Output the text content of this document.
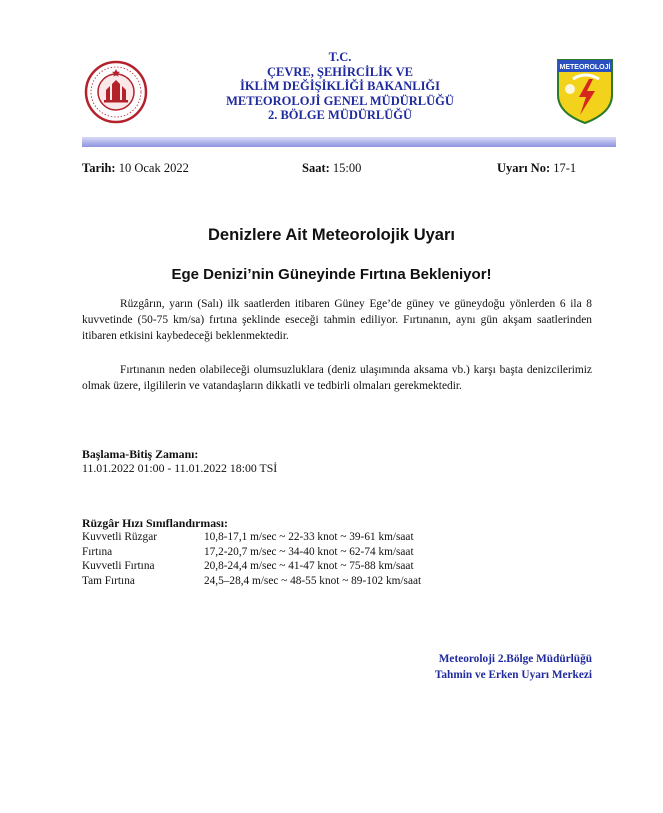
T.C.
ÇEVRE, ŞEHİRCİLİK VE
İKLİM DEĞİŞİKLİĞİ BAKANLIĞI
METEOROLOJİ GENEL MÜDÜRLÜĞÜ
2. BÖLGE MÜDÜRLÜĞÜ
METEOROLOJİ
Tarih: 10 Ocak 2022	Saat: 15:00	Uyarı No: 17-1
Denizlere Ait Meteorolojik Uyarı
Ege Denizi’nin Güneyinde Fırtına Bekleniyor!
Rüzgârın, yarın (Salı) ilk saatlerden itibaren Güney Ege’de güney ve güneydoğu yönlerden 6 ila 8 kuvvetinde (50-75 km/sa) fırtına şeklinde eseceği tahmin ediliyor. Fırtınanın, aynı gün akşam saatlerinden itibaren etkisini kaybedeceği beklenmektedir.
Fırtınanın neden olabileceği olumsuzluklara (deniz ulaşımında aksama vb.) karşı başta denizcilerimiz olmak üzere, ilgililerin ve vatandaşların dikkatli ve tedbirli olmaları gerekmektedir.
Başlama-Bitiş Zamanı:
11.01.2022 01:00 - 11.01.2022 18:00 TSİ
Rüzgâr Hızı Sınıflandırması:
Kuvvetli Rüzgar	10,8-17,1 m/sec ~ 22-33 knot ~ 39-61 km/saat
Fırtına	17,2-20,7 m/sec ~ 34-40 knot ~ 62-74 km/saat
Kuvvetli Fırtına	20,8-24,4 m/sec ~ 41-47 knot ~ 75-88 km/saat
Tam Fırtına	24,5–28,4 m/sec ~ 48-55 knot ~ 89-102 km/saat
Meteoroloji 2.Bölge Müdürlüğü
Tahmin ve Erken Uyarı Merkezi
